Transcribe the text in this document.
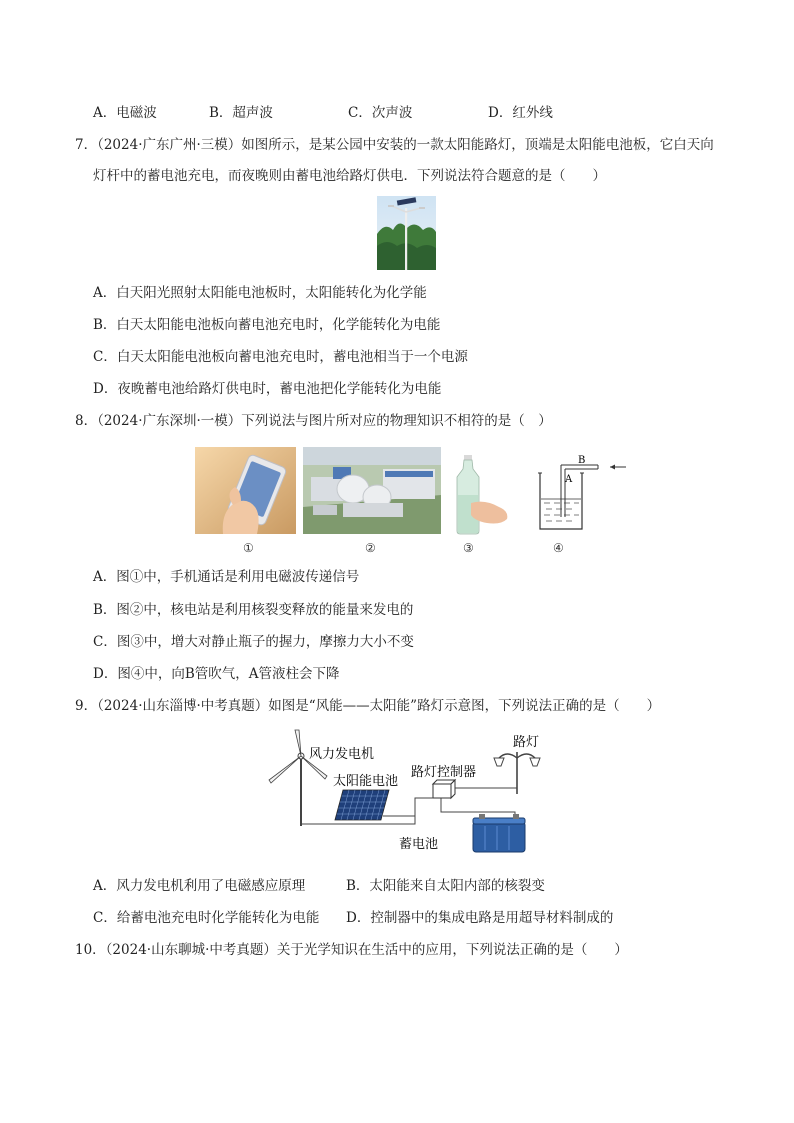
A．电磁波	B．超声波	C．次声波	D．红外线
7．（2024·广东广州·三模）如图所示，是某公园中安装的一款太阳能路灯，顶端是太阳能电池板，它白天向
灯杆中的蓄电池充电，而夜晚则由蓄电池给路灯供电．下列说法符合题意的是（　　）
A．白天阳光照射太阳能电池板时，太阳能转化为化学能
B．白天太阳能电池板向蓄电池充电时，化学能转化为电能
C．白天太阳能电池板向蓄电池充电时，蓄电池相当于一个电源
D．夜晚蓄电池给路灯供电时，蓄电池把化学能转化为电能
8．（2024·广东深圳·一模）下列说法与图片所对应的物理知识不相符的是（　）
B
A
①	②	③	④
A．图①中，手机通话是利用电磁波传递信号
B．图②中，核电站是利用核裂变释放的能量来发电的
C．图③中，增大对静止瓶子的握力，摩擦力大小不变
D．图④中，向B管吹气，A管液柱会下降
9．（2024·山东淄博·中考真题）如图是“风能——太阳能”路灯示意图，下列说法正确的是（　　）
风力发电机
太阳能电池
路灯控制器
路灯
蓄电池
A．风力发电机利用了电磁感应原理	B．太阳能来自太阳内部的核裂变
C．给蓄电池充电时化学能转化为电能 D．控制器中的集成电路是用超导材料制成的
10．（2024·山东聊城·中考真题）关于光学知识在生活中的应用，下列说法正确的是（　　）
